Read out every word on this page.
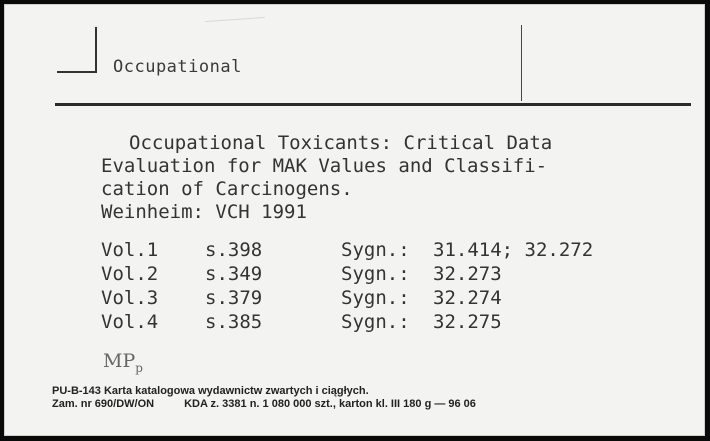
Occupational
Occupational Toxicants: Critical Data
Evaluation for MAK Values and Classifi-
cation of Carcinogens.
Weinheim: VCH 1991
Vol.1	s.398	Sygn.:	31.414; 32.272
Vol.2	s.349	Sygn.:	32.273
Vol.3	s.379	Sygn.:	32.274
Vol.4	s.385	Sygn.:	32.275
$MP_p$
PU-B-143 Karta katalogowa wydawnictw zwartych i ciągłych.
Zam. nr 690/DW/ON	KDA z. 3381 n. 1 080 000 szt., karton kl. III 180 g — 96 06
